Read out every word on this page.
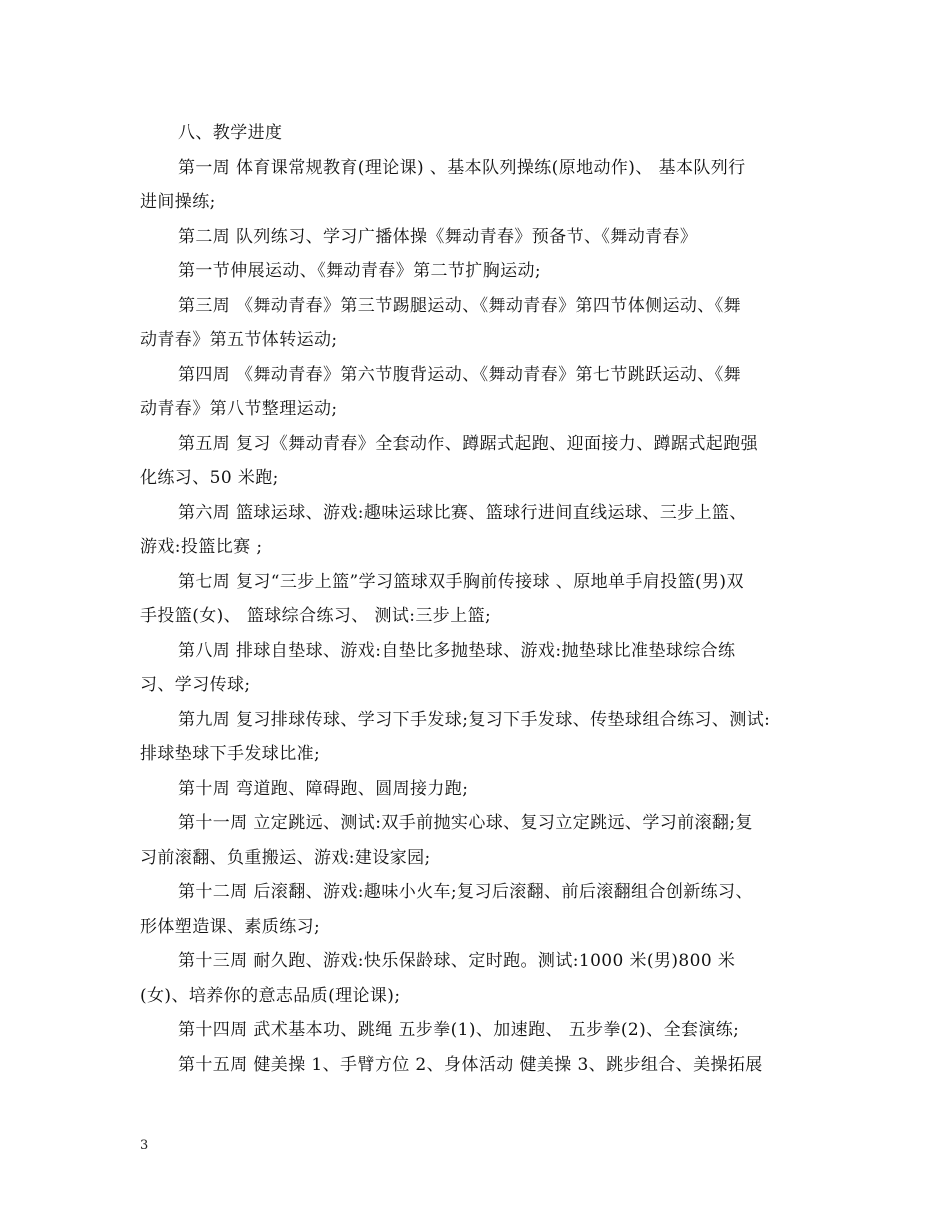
八、教学进度
第一周 体育课常规教育(理论课) 、基本队列操练(原地动作)、 基本队列行
进间操练;
第二周 队列练习、学习广播体操《舞动青春》预备节、《舞动青春》
第一节伸展运动、《舞动青春》第二节扩胸运动;
第三周 《舞动青春》第三节踢腿运动、《舞动青春》第四节体侧运动、《舞
动青春》第五节体转运动;
第四周 《舞动青春》第六节腹背运动、《舞动青春》第七节跳跃运动、《舞
动青春》第八节整理运动;
第五周 复习《舞动青春》全套动作、蹲踞式起跑、迎面接力、蹲踞式起跑强
化练习、50 米跑;
第六周 篮球运球、游戏:趣味运球比赛、篮球行进间直线运球、三步上篮、
游戏:投篮比赛 ;
第七周 复习“三步上篮”学习篮球双手胸前传接球 、原地单手肩投篮(男)双
手投篮(女)、 篮球综合练习、 测试:三步上篮;
第八周 排球自垫球、游戏:自垫比多抛垫球、游戏:抛垫球比准垫球综合练
习、学习传球;
第九周 复习排球传球、学习下手发球;复习下手发球、传垫球组合练习、测试:
排球垫球下手发球比准;
第十周 弯道跑、障碍跑、圆周接力跑;
第十一周 立定跳远、测试:双手前抛实心球、复习立定跳远、学习前滚翻;复
习前滚翻、负重搬运、游戏:建设家园;
第十二周 后滚翻、游戏:趣味小火车;复习后滚翻、前后滚翻组合创新练习、
形体塑造课、素质练习;
第十三周 耐久跑、游戏:快乐保龄球、定时跑。测试:1000 米(男)800 米
(女)、培养你的意志品质(理论课);
第十四周 武术基本功、跳绳 五步拳(1)、加速跑、 五步拳(2)、全套演练;
第十五周 健美操 1、手臂方位 2、身体活动 健美操 3、跳步组合、美操拓展
3
